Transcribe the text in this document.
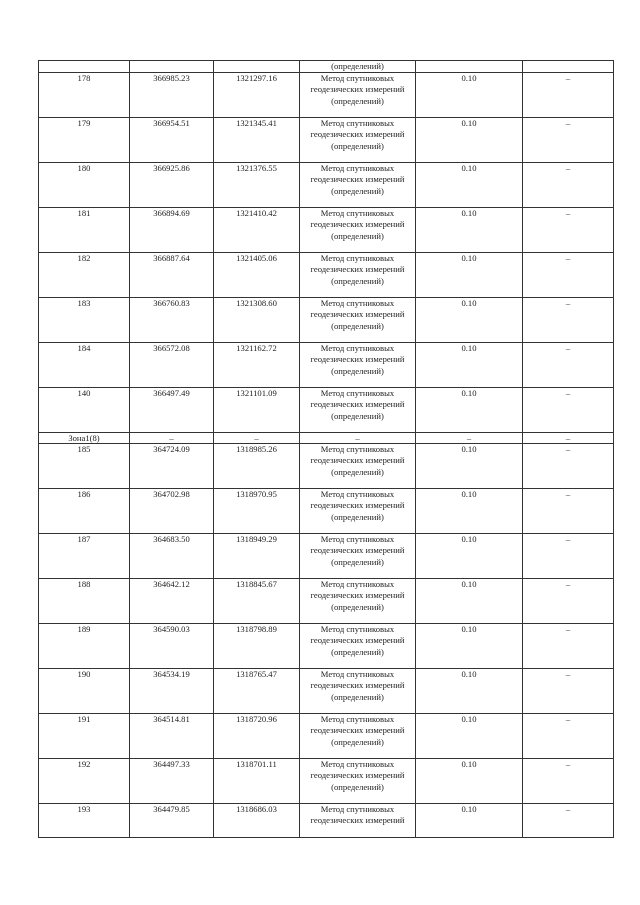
			(определений)		
178	366985.23	1321297.16	Метод спутниковых геодезических измерений (определений)	0.10	–
179	366954.51	1321345.41	Метод спутниковых геодезических измерений (определений)	0.10	–
180	366925.86	1321376.55	Метод спутниковых геодезических измерений (определений)	0.10	–
181	366894.69	1321410.42	Метод спутниковых геодезических измерений (определений)	0.10	–
182	366887.64	1321405.06	Метод спутниковых геодезических измерений (определений)	0.10	–
183	366760.83	1321308.60	Метод спутниковых геодезических измерений (определений)	0.10	–
184	366572.08	1321162.72	Метод спутниковых геодезических измерений (определений)	0.10	–
140	366497.49	1321101.09	Метод спутниковых геодезических измерений (определений)	0.10	–
Зона1(8)	–	–	–	–	–
185	364724.09	1318985.26	Метод спутниковых геодезических измерений (определений)	0.10	–
186	364702.98	1318970.95	Метод спутниковых геодезических измерений (определений)	0.10	–
187	364683.50	1318949.29	Метод спутниковых геодезических измерений (определений)	0.10	–
188	364642.12	1318845.67	Метод спутниковых геодезических измерений (определений)	0.10	–
189	364590.03	1318798.89	Метод спутниковых геодезических измерений (определений)	0.10	–
190	364534.19	1318765.47	Метод спутниковых геодезических измерений (определений)	0.10	–
191	364514.81	1318720.96	Метод спутниковых геодезических измерений (определений)	0.10	–
192	364497.33	1318701.11	Метод спутниковых геодезических измерений (определений)	0.10	–
193	364479.85	1318686.03	Метод спутниковых геодезических измерений	0.10	–
